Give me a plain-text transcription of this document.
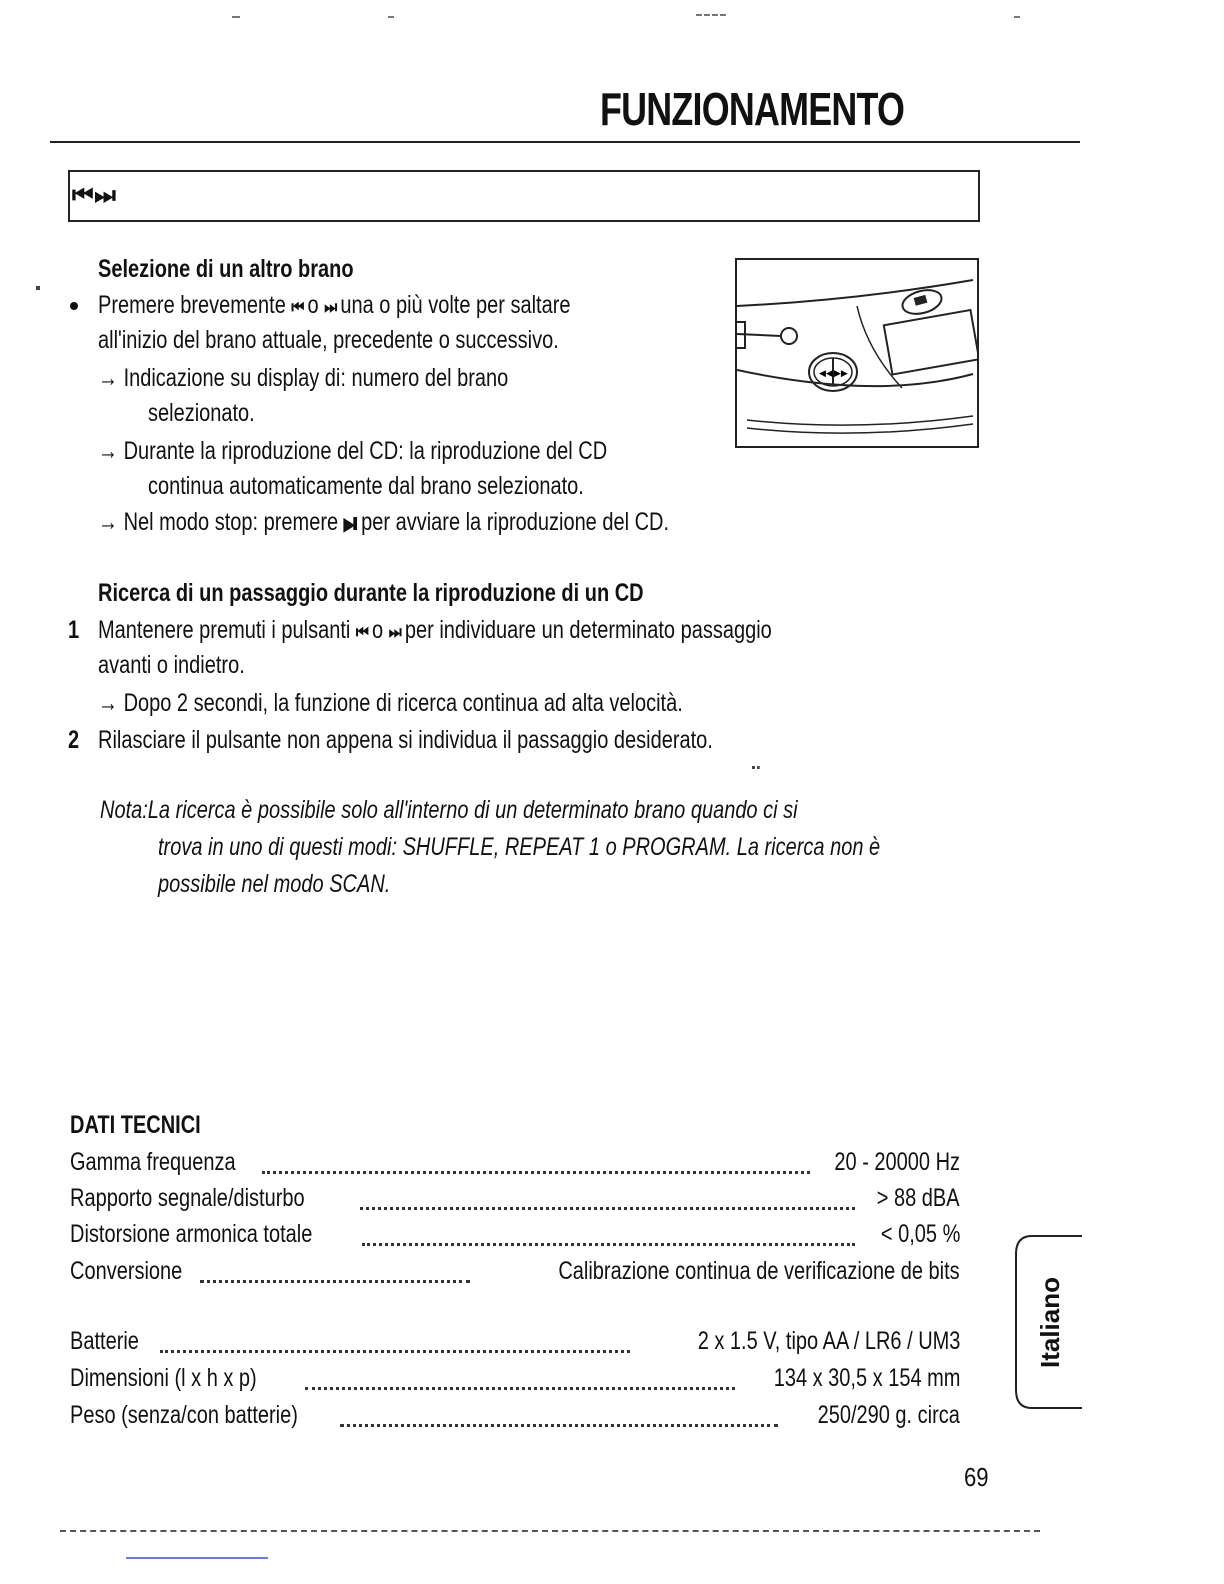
FUNZIONAMENTO
⏮ ⏭
Selezione di un altro brano
Premere brevemente ⏮ o ⏭ una o più volte per saltare
all'inizio del brano attuale, precedente o successivo.
→ Indicazione su display di: numero del brano
selezionato.
→ Durante la riproduzione del CD: la riproduzione del CD
continua automaticamente dal brano selezionato.
→ Nel modo stop: premere ▶II per avviare la riproduzione del CD.
◀◀ ▶▶
Ricerca di un passaggio durante la riproduzione di un CD
1 Mantenere premuti i pulsanti ⏮ o ⏭ per individuare un determinato passaggio
avanti o indietro.
→ Dopo 2 secondi, la funzione di ricerca continua ad alta velocità.
2 Rilasciare il pulsante non appena si individua il passaggio desiderato.
Nota:La ricerca è possibile solo all'interno di un determinato brano quando ci si
trova in uno di questi modi: SHUFFLE, REPEAT 1 o PROGRAM. La ricerca non è
possibile nel modo SCAN.
DATI TECNICI
Gamma frequenza	20 - 20000 Hz
Rapporto segnale/disturbo	> 88 dBA
Distorsione armonica totale	< 0,05 %
Conversione	Calibrazione continua de verificazione de bits
Batterie	2 x 1.5 V, tipo AA / LR6 / UM3
Dimensioni (l x h x p)	134 x 30,5 x 154 mm
Peso (senza/con batterie)	250/290 g. circa
Italiano
69
